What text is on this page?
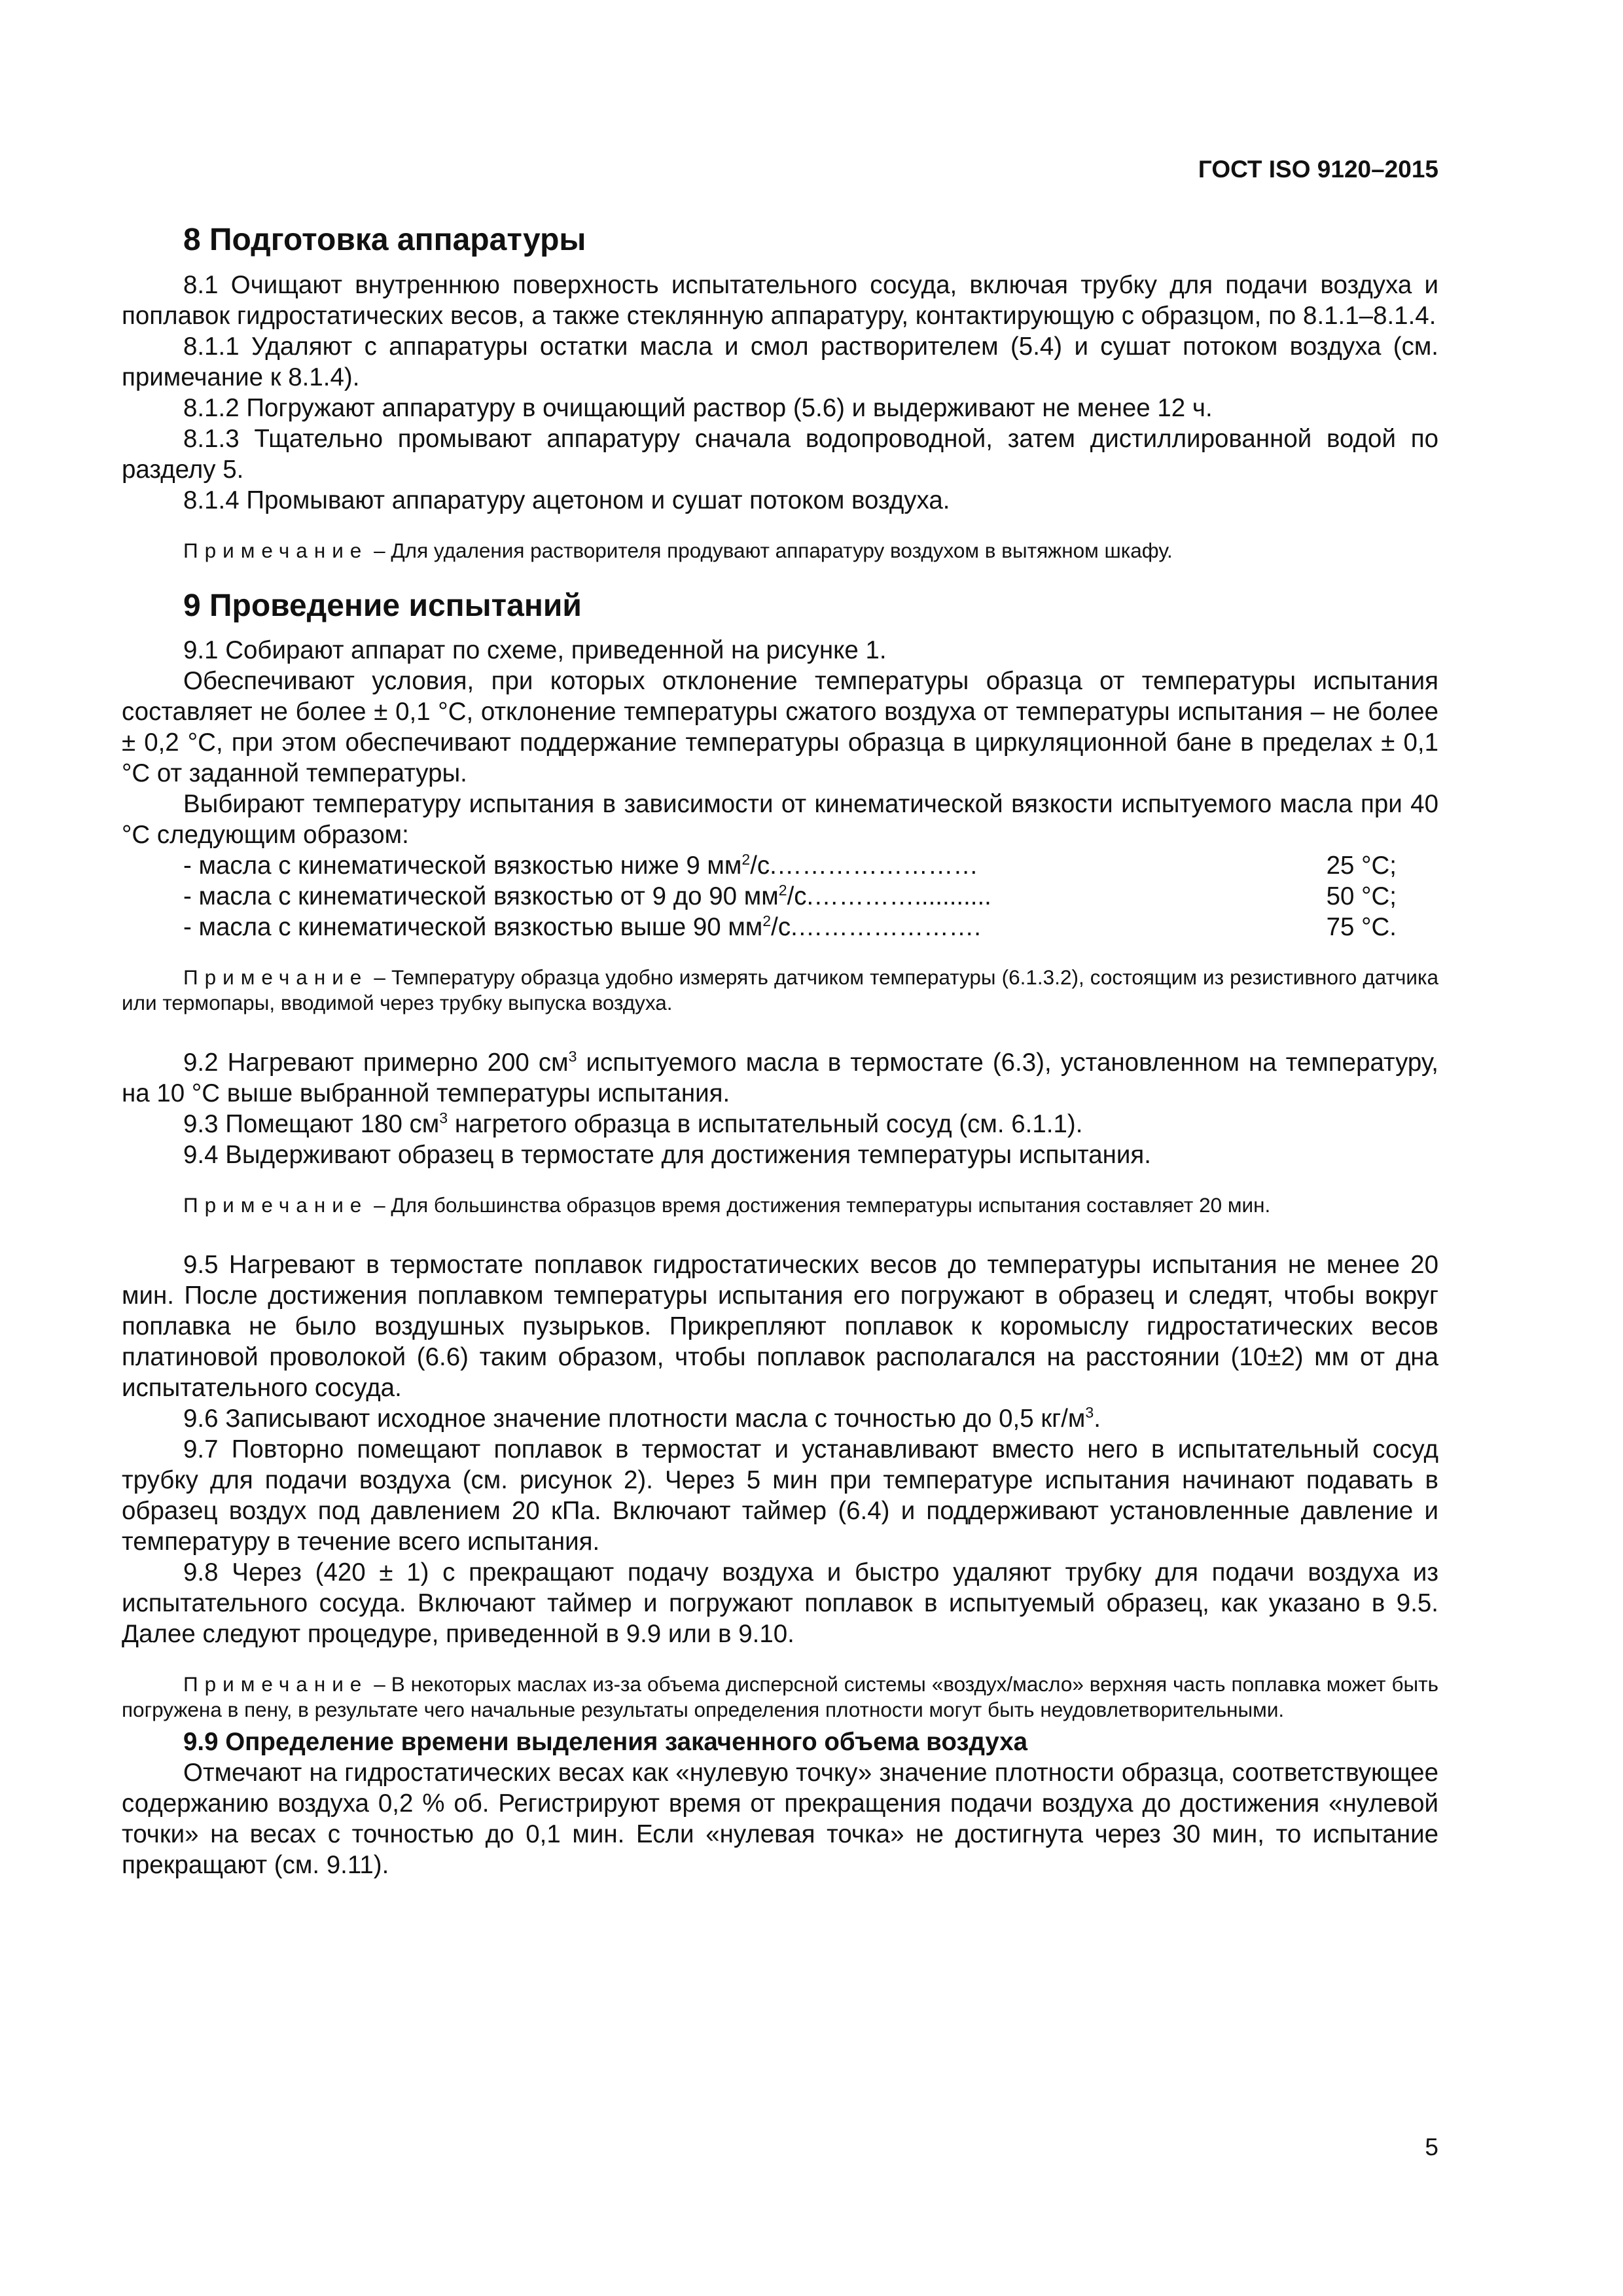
ГОСТ ISO 9120–2015
8 Подготовка аппаратуры

8.1 Очищают внутреннюю поверхность испытательного сосуда, включая трубку для подачи воздуха и поплавок гидростатических весов, а также стеклянную аппаратуру, контактирующую с образцом, по 8.1.1–8.1.4.

8.1.1 Удаляют с аппаратуры остатки масла и смол растворителем (5.4) и сушат потоком воздуха (см. примечание к 8.1.4).

8.1.2 Погружают аппаратуру в очищающий раствор (5.6) и выдерживают не менее 12 ч.

8.1.3 Тщательно промывают аппаратуру сначала водопроводной, затем дистиллированной водой по разделу 5.

8.1.4 Промывают аппаратуру ацетоном и сушат потоком воздуха.

Примечание – Для удаления растворителя продувают аппаратуру воздухом в вытяжном шкафу.
9 Проведение испытаний

9.1 Собирают аппарат по схеме, приведенной на рисунке 1.

Обеспечивают условия, при которых отклонение температуры образца от температуры испытания составляет не более ± 0,1 °С, отклонение температуры сжатого воздуха от температуры испытания – не более ± 0,2 °С, при этом обеспечивают поддержание температуры образца в циркуляционной бане в пределах ± 0,1 °С от заданной температуры.

Выбирают температуру испытания в зависимости от кинематической вязкости испытуемого масла при 40 °С следующим образом:

- масла с кинематической вязкостью ниже 9 $мм^2/с.\dots\dots\dots\dots\dots\dots\dots\dots$	25 °С;
- масла с кинематической вязкостью от 9 до 90 $мм^2/с.\dots\dots\dots\dots$...........	50 °С;
- масла с кинематической вязкостью выше 90 $мм^2/с.\dots\dots\dots\dots\dots\dots\dots$.	75 °С.
Примечание – Температуру образца удобно измерять датчиком температуры (6.1.3.2), состоящим из резистивного датчика или термопары, вводимой через трубку выпуска воздуха.

9.2 Нагревают примерно 200 $см^3$ испытуемого масла в термостате (6.3), установленном на температуру, на 10 °С выше выбранной температуры испытания.

9.3 Помещают 180 $см^3$ нагретого образца в испытательный сосуд (см. 6.1.1).

9.4 Выдерживают образец в термостате для достижения температуры испытания.

Примечание – Для большинства образцов время достижения температуры испытания составляет 20 мин.

9.5 Нагревают в термостате поплавок гидростатических весов до температуры испытания не менее 20 мин. После достижения поплавком температуры испытания его погружают в образец и следят, чтобы вокруг поплавка не было воздушных пузырьков. Прикрепляют поплавок к коромыслу гидростатических весов платиновой проволокой (6.6) таким образом, чтобы поплавок располагался на расстоянии (10±2) мм от дна испытательного сосуда.

9.6 Записывают исходное значение плотности масла с точностью до 0,5 $кг/м^3$.

9.7 Повторно помещают поплавок в термостат и устанавливают вместо него в испытательный сосуд трубку для подачи воздуха (см. рисунок 2). Через 5 мин при температуре испытания начинают подавать в образец воздух под давлением 20 кПа. Включают таймер (6.4) и поддерживают установленные давление и температуру в течение всего испытания.

9.8 Через (420 ± 1) с прекращают подачу воздуха и быстро удаляют трубку для подачи воздуха из испытательного сосуда. Включают таймер и погружают поплавок в испытуемый образец, как указано в 9.5. Далее следуют процедуре, приведенной в 9.9 или в 9.10.

Примечание – В некоторых маслах из-за объема дисперсной системы «воздух/масло» верхняя часть поплавка может быть погружена в пену, в результате чего начальные результаты определения плотности могут быть неудовлетворительными.
9.9 Определение времени выделения закаченного объема воздуха

Отмечают на гидростатических весах как «нулевую точку» значение плотности образца, соответствующее содержанию воздуха 0,2 % об. Регистрируют время от прекращения подачи воздуха до достижения «нулевой точки» на весах с точностью до 0,1 мин. Если «нулевая точка» не достигнута через 30 мин, то испытание прекращают (см. 9.11).

5
